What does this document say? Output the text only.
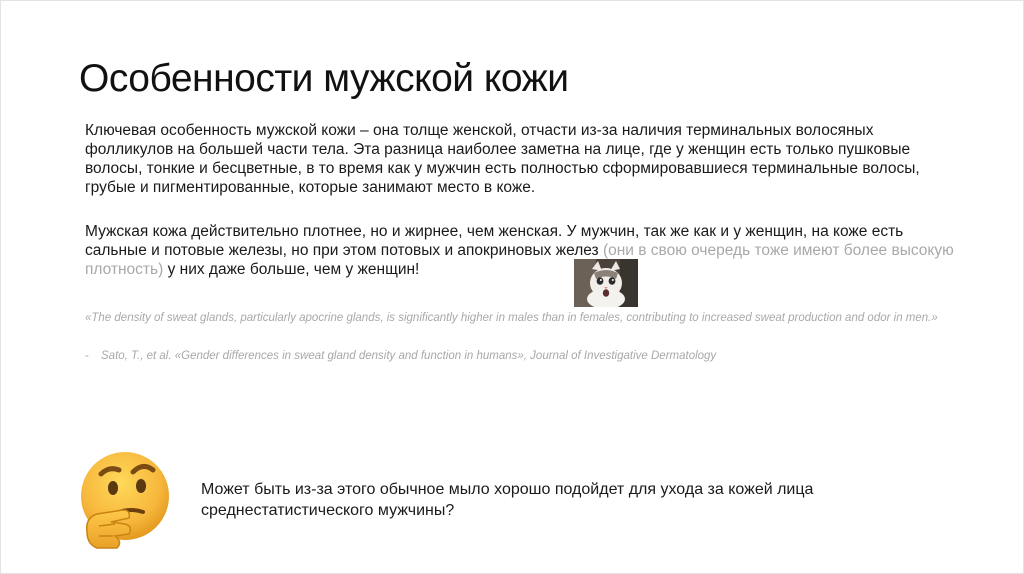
Особенности мужской кожи
Ключевая особенность мужской кожи – она толще женской, отчасти из-за наличия терминальных волосяных фолликулов на большей части тела. Эта разница наиболее заметна на лице, где у женщин есть только пушковые волосы, тонкие и бесцветные, в то время как у мужчин есть полностью сформировавшиеся терминальные волосы, грубые и пигментированные, которые занимают место в коже.
Мужская кожа действительно плотнее, но и жирнее, чем женская. У мужчин, так же как и у женщин, на коже есть сальные и потовые железы, но при этом потовых и апокриновых желез (они в свою очередь тоже имеют более высокую плотность) у них даже больше, чем у женщин!
«The density of sweat glands, particularly apocrine glands, is significantly higher in males than in females, contributing to increased sweat production and odor in men.»
- Sato, T., et al. «Gender differences in sweat gland density and function in humans», Journal of Investigative Dermatology
Может быть из-за этого обычное мыло хорошо подойдет для ухода за кожей лица среднестатистического мужчины?
